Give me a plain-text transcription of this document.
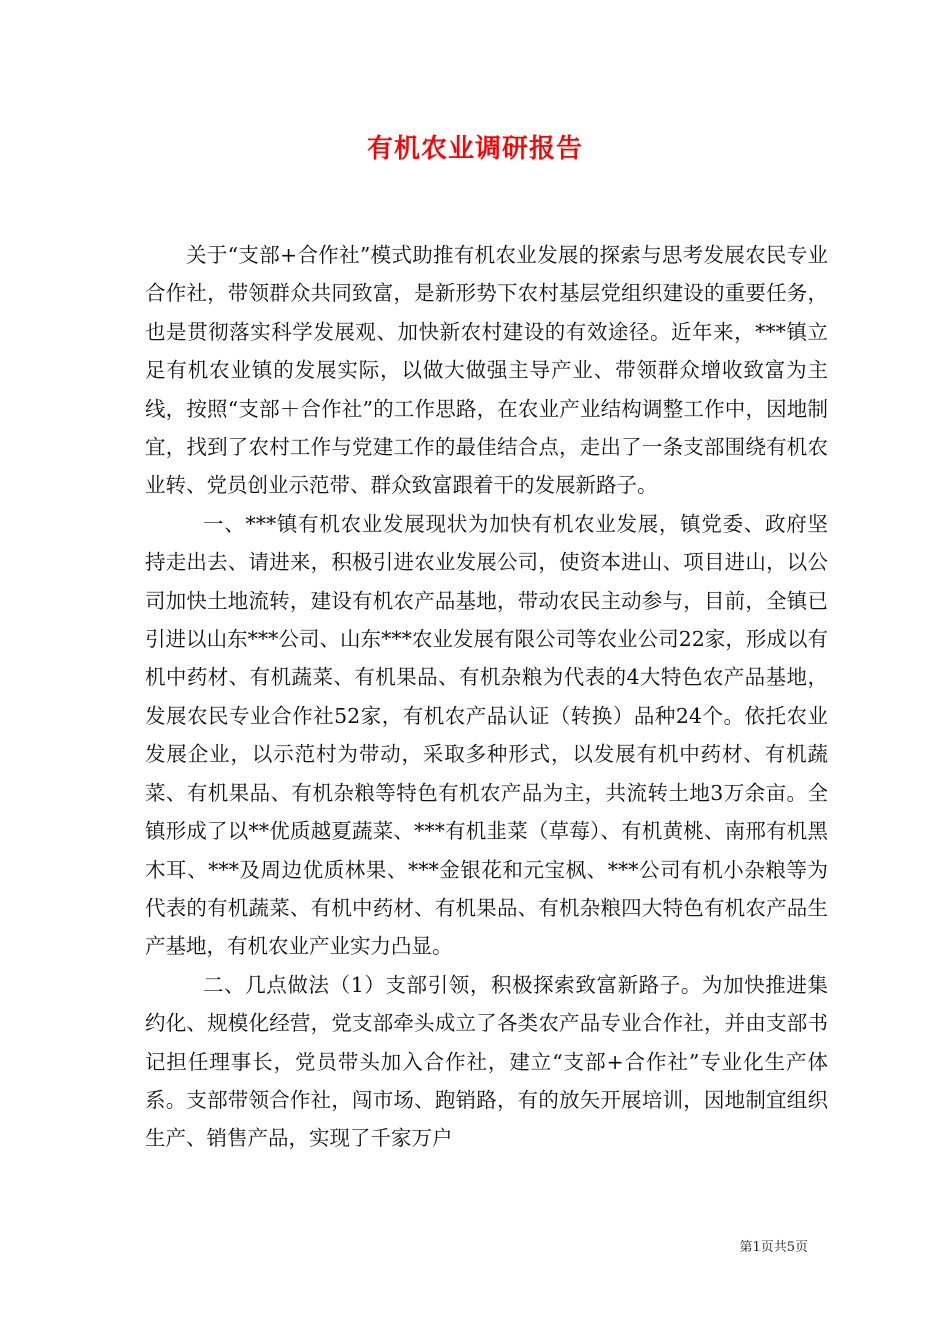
有机农业调研报告

关于“支部+合作社”模式助推有机农业发展的探索与思考发展农民专业合作社，带领群众共同致富，是新形势下农村基层党组织建设的重要任务，也是贯彻落实科学发展观、加快新农村建设的有效途径。近年来，***镇立足有机农业镇的发展实际，以做大做强主导产业、带领群众增收致富为主线，按照“支部＋合作社”的工作思路，在农业产业结构调整工作中，因地制宜，找到了农村工作与党建工作的最佳结合点，走出了一条支部围绕有机农业转、党员创业示范带、群众致富跟着干的发展新路子。

一、***镇有机农业发展现状为加快有机农业发展，镇党委、政府坚持走出去、请进来，积极引进农业发展公司，使资本进山、项目进山，以公司加快土地流转，建设有机农产品基地，带动农民主动参与，目前，全镇已引进以山东***公司、山东***农业发展有限公司等农业公司22家，形成以有机中药材、有机蔬菜、有机果品、有机杂粮为代表的4大特色农产品基地，发展农民专业合作社52家，有机农产品认证（转换）品种24个。依托农业发展企业，以示范村为带动，采取多种形式，以发展有机中药材、有机蔬菜、有机果品、有机杂粮等特色有机农产品为主，共流转土地3万余亩。全镇形成了以**优质越夏蔬菜、***有机韭菜（草莓）、有机黄桃、南邢有机黑木耳、***及周边优质林果、***金银花和元宝枫、***公司有机小杂粮等为代表的有机蔬菜、有机中药材、有机果品、有机杂粮四大特色有机农产品生产基地，有机农业产业实力凸显。

二、几点做法（1）支部引领，积极探索致富新路子。为加快推进集约化、规模化经营，党支部牵头成立了各类农产品专业合作社，并由支部书记担任理事长，党员带头加入合作社，建立“支部+合作社”专业化生产体系。支部带领合作社，闯市场、跑销路，有的放矢开展培训，因地制宜组织生产、销售产品，实现了千家万户

第1页共5页
